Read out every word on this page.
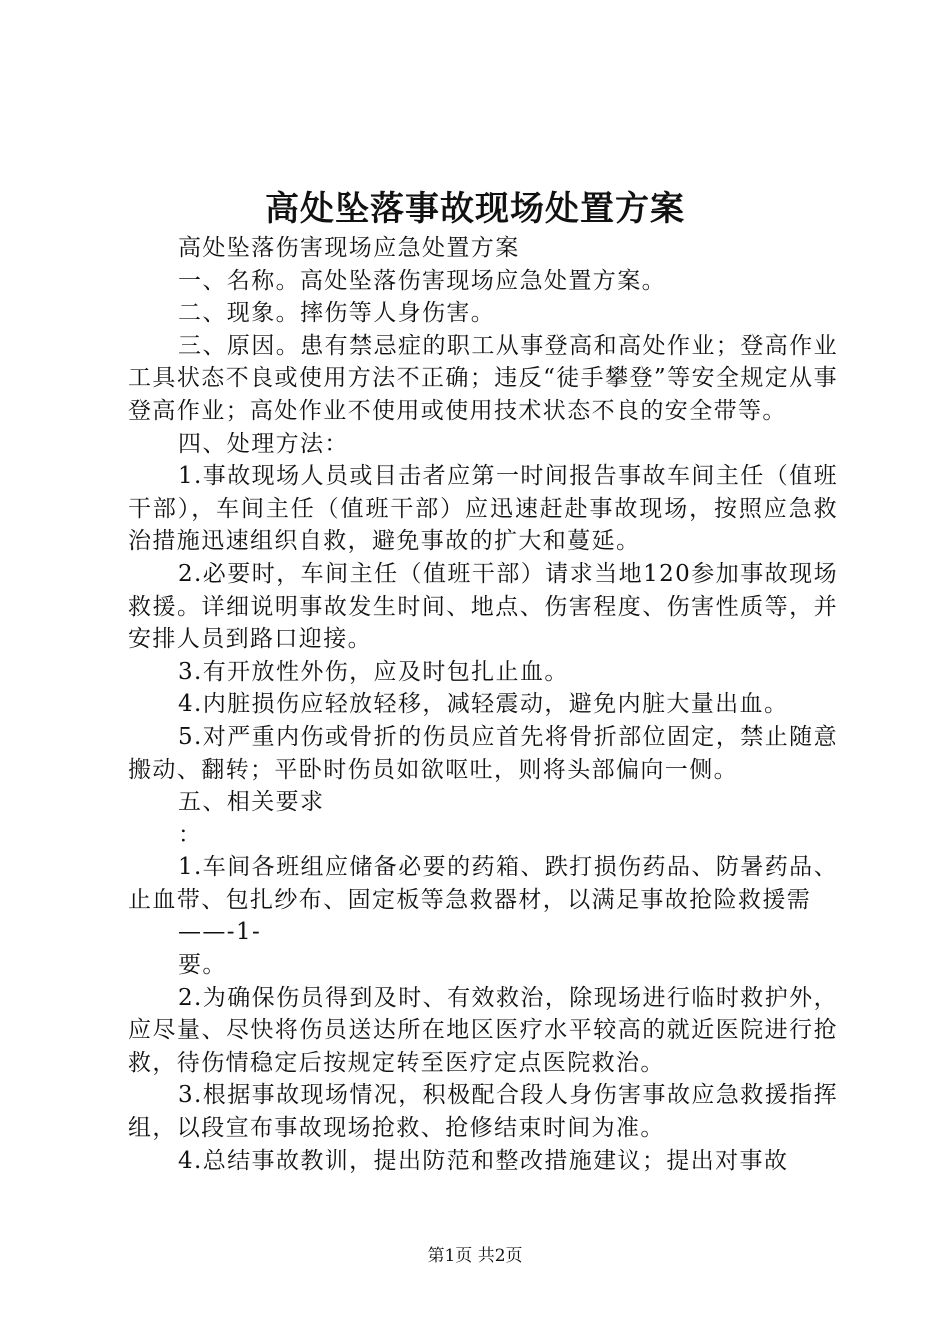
高处坠落事故现场处置方案

高处坠落伤害现场应急处置方案

一、名称。高处坠落伤害现场应急处置方案。

二、现象。摔伤等人身伤害。

三、原因。患有禁忌症的职工从事登高和高处作业；登高作业工具状态不良或使用方法不正确；违反“徒手攀登”等安全规定从事登高作业；高处作业不使用或使用技术状态不良的安全带等。

四、处理方法：

1.事故现场人员或目击者应第一时间报告事故车间主任（值班干部），车间主任（值班干部）应迅速赶赴事故现场，按照应急救治措施迅速组织自救，避免事故的扩大和蔓延。

2.必要时，车间主任（值班干部）请求当地120参加事故现场救援。详细说明事故发生时间、地点、伤害程度、伤害性质等，并安排人员到路口迎接。

3.有开放性外伤，应及时包扎止血。

4.内脏损伤应轻放轻移，减轻震动，避免内脏大量出血。

5.对严重内伤或骨折的伤员应首先将骨折部位固定，禁止随意搬动、翻转；平卧时伤员如欲呕吐，则将头部偏向一侧。

五、相关要求

：

1.车间各班组应储备必要的药箱、跌打损伤药品、防暑药品、止血带、包扎纱布、固定板等急救器材，以满足事故抢险救援需

——-1-

要。

2.为确保伤员得到及时、有效救治，除现场进行临时救护外，应尽量、尽快将伤员送达所在地区医疗水平较高的就近医院进行抢救，待伤情稳定后按规定转至医疗定点医院救治。

3.根据事故现场情况，积极配合段人身伤害事故应急救援指挥组，以段宣布事故现场抢救、抢修结束时间为准。

4.总结事故教训，提出防范和整改措施建议；提出对事故

第1页 共2页
